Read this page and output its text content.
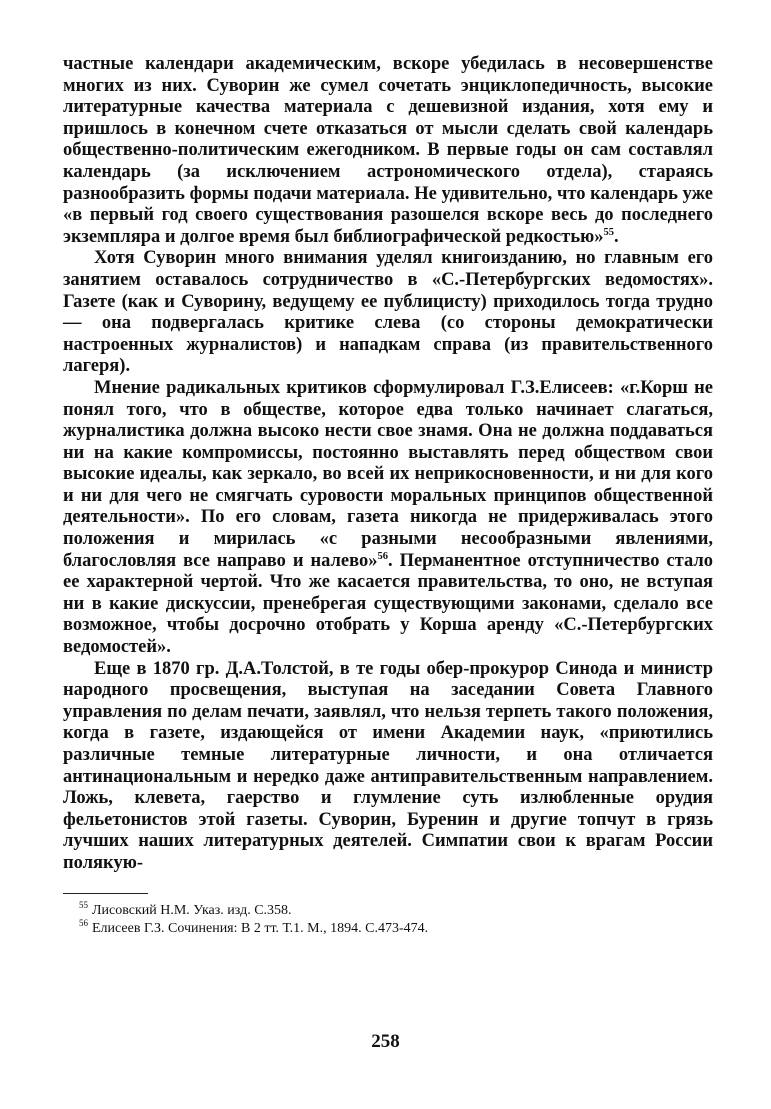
частные календари академическим, вскоре убедилась в несовершенстве многих из них. Суворин же сумел сочетать энциклопедичность, высокие литературные качества материала с дешевизной издания, хотя ему и пришлось в конечном счете отказаться от мысли сделать свой календарь общественно-политическим ежегодником. В первые годы он сам составлял календарь (за исключением астрономического отдела), стараясь разнообразить формы подачи материала. Не удивительно, что календарь уже «в первый год своего существования разошелся вскоре весь до последнего экземпляра и долгое время был библиографической редкостью»$^{55}$.

Хотя Суворин много внимания уделял книгоизданию, но главным его занятием оставалось сотрудничество в «С.-Петербургских ведомостях». Газете (как и Суворину, ведущему ее публицисту) приходилось тогда трудно — она подвергалась критике слева (со стороны демократически настроенных журналистов) и нападкам справа (из правительственного лагеря).

Мнение радикальных критиков сформулировал Г.З.Елисеев: «г.Корш не понял того, что в обществе, которое едва только начинает слагаться, журналистика должна высоко нести свое знамя. Она не должна поддаваться ни на какие компромиссы, постоянно выставлять перед обществом свои высокие идеалы, как зеркало, во всей их неприкосновенности, и ни для кого и ни для чего не смягчать суровости моральных принципов общественной деятельности». По его словам, газета никогда не придерживалась этого положения и мирилась «с разными несообразными явлениями, благословляя все направо и налево»$^{56}$. Перманентное отступничество стало ее характерной чертой. Что же касается правительства, то оно, не вступая ни в какие дискуссии, пренебрегая существующими законами, сделало все возможное, чтобы досрочно отобрать у Корша аренду «С.-Петербургских ведомостей».

Еще в 1870 гр. Д.А.Толстой, в те годы обер-прокурор Синода и министр народного просвещения, выступая на заседании Совета Главного управления по делам печати, заявлял, что нельзя терпеть такого положения, когда в газете, издающейся от имени Академии наук, «приютились различные темные литературные личности, и она отличается антинациональным и нередко даже антиправительственным направлением. Ложь, клевета, гаерство и глумление суть излюбленные орудия фельетонистов этой газеты. Суворин, Буренин и другие топчут в грязь лучших наших литературных деятелей. Симпатии свои к врагам России полякую-

$^{55}$ Лисовский Н.М. Указ. изд. С.358.

$^{56}$ Елисеев Г.З. Сочинения: В 2 тт. Т.1. М., 1894. С.473-474.

258
